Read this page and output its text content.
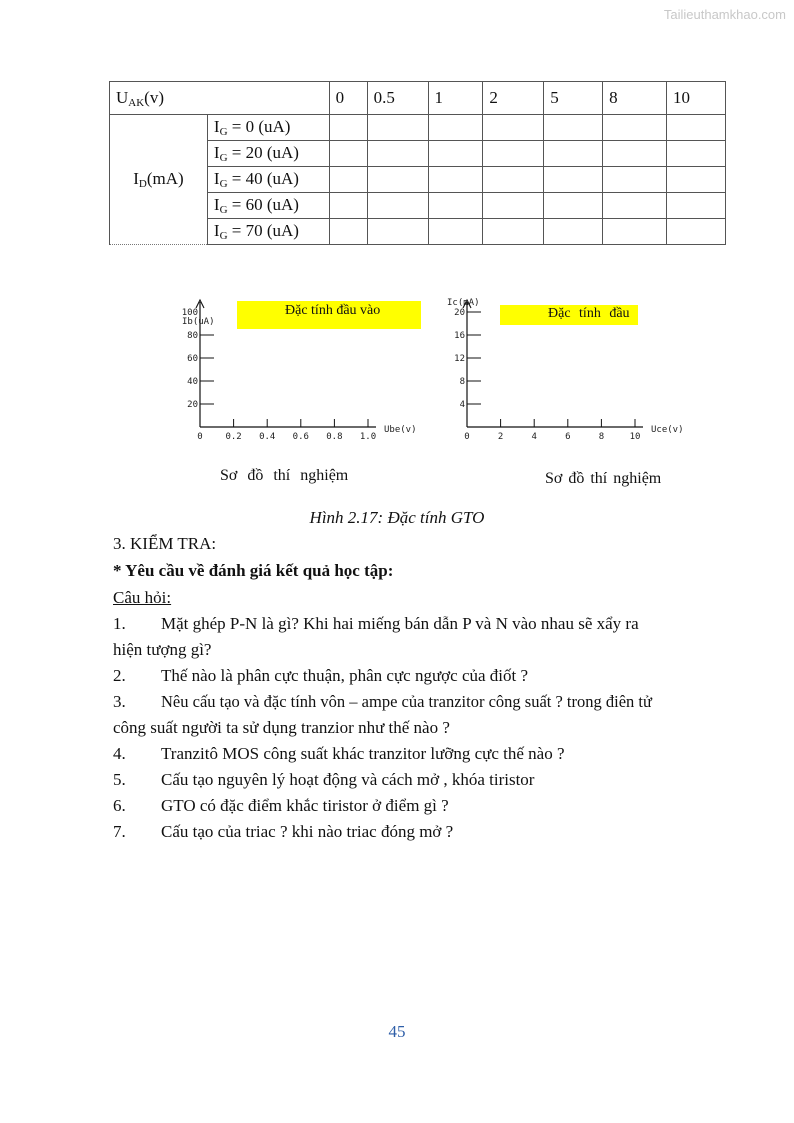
Tailieuthamkhao.com
$U_{AK}(v)$		0	0.5	1	2	5	8	10
$I_D(mA)$	$I_G = 0$ (uA)							
	$I_G = 20$ (uA)							
	$I_G = 40$ (uA)							
	$I_G = 60$ (uA)							
	$I_G = 70$ (uA)							
0	0.2 0.4 0.6 0.8 1.0
20
40
60
80
Ube(v)
Ib(uA)
100	Đặc tính đầu vào
Sơ đồ thí nghiệm
0	2	4	6	8	10
4
8
12
16
20
Uce(v)
Ic(mA)
Đặc tính đầu
Sơ đồ thí nghiệm
Hình 2.17: Đặc tính GTO
3. KIỂM TRA:
* Yêu cầu về đánh giá kết quả học tập:
Câu hỏi:
1.	Mặt ghép P-N là gì? Khi hai miếng bán dẫn P và N vào nhau sẽ xẩy ra
hiện tượng gì?
2.	Thế nào là phân cực thuận, phân cực ngược của điốt ?
3.	Nêu cấu tạo và đặc tính vôn – ampe của tranzitor công suất ? trong điên tử
công suất người ta sử dụng tranzior như thế nào ?
4.	Tranzitô MOS công suất khác tranzitor lưỡng cực thế nào ?
5.	Cấu tạo nguyên lý hoạt động và cách mở , khóa tiristor
6.	GTO có đặc điểm khắc tiristor ở điểm gì ?
7.	Cấu tạo của triac ? khi nào triac đóng mở ?
45
